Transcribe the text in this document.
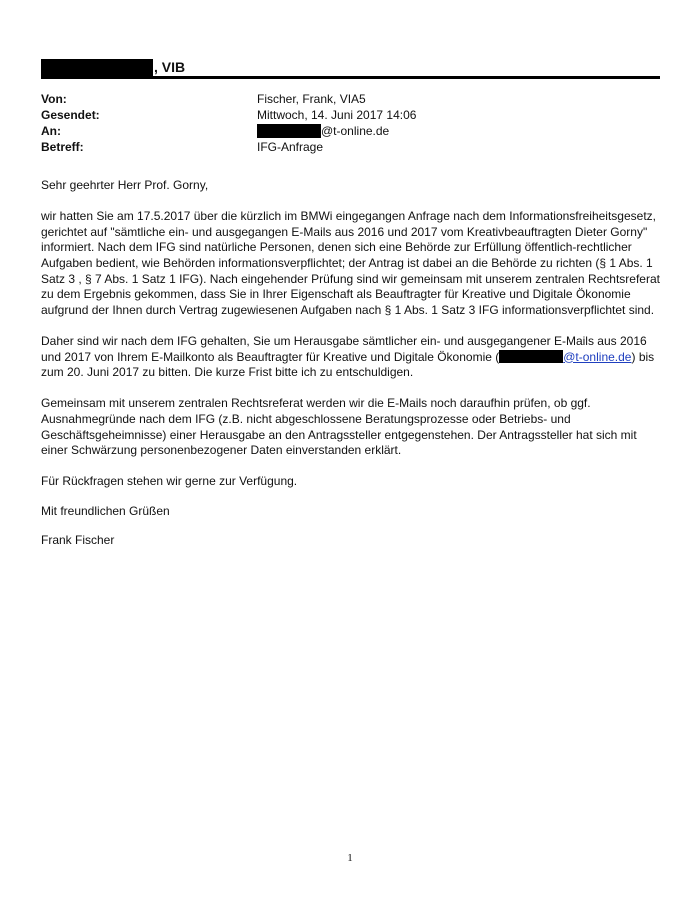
, VIB
Von:	Fischer, Frank, VIA5
Gesendet:	Mittwoch, 14. Juni 2017 14:06
An:	@t-online.de
Betreff:	IFG-Anfrage

Sehr geehrter Herr Prof. Gorny,

wir hatten Sie am 17.5.2017 über die kürzlich im BMWi eingegangen Anfrage nach dem Informationsfreiheitsgesetz, gerichtet auf "sämtliche ein- und ausgegangen E-Mails aus 2016 und 2017 vom Kreativbeauftragten Dieter Gorny" informiert. Nach dem IFG sind natürliche Personen, denen sich eine Behörde zur Erfüllung öffentlich-rechtlicher Aufgaben bedient, wie Behörden informationsverpflichtet; der Antrag ist dabei an die Behörde zu richten (§ 1 Abs. 1 Satz 3 , § 7 Abs. 1 Satz 1 IFG). Nach eingehender Prüfung sind wir gemeinsam mit unserem zentralen Rechtsreferat zu dem Ergebnis gekommen, dass Sie in Ihrer Eigenschaft als Beauftragter für Kreative und Digitale Ökonomie aufgrund der Ihnen durch Vertrag zugewiesenen Aufgaben nach § 1 Abs. 1 Satz 3 IFG informationsverpflichtet sind.

Daher sind wir nach dem IFG gehalten, Sie um Herausgabe sämtlicher ein- und ausgegangener E-Mails aus 2016 und 2017 von Ihrem E-Mailkonto als Beauftragter für Kreative und Digitale Ökonomie (	@t-online.de) bis zum 20. Juni 2017 zu bitten. Die kurze Frist bitte ich zu entschuldigen.

Gemeinsam mit unserem zentralen Rechtsreferat werden wir die E-Mails noch daraufhin prüfen, ob ggf. Ausnahmegründe nach dem IFG (z.B. nicht abgeschlossene Beratungsprozesse oder Betriebs- und Geschäftsgeheimnisse) einer Herausgabe an den Antragssteller entgegenstehen. Der Antragssteller hat sich mit einer Schwärzung personenbezogener Daten einverstanden erklärt.

Für Rückfragen stehen wir gerne zur Verfügung.

Mit freundlichen Grüßen

Frank Fischer

1
